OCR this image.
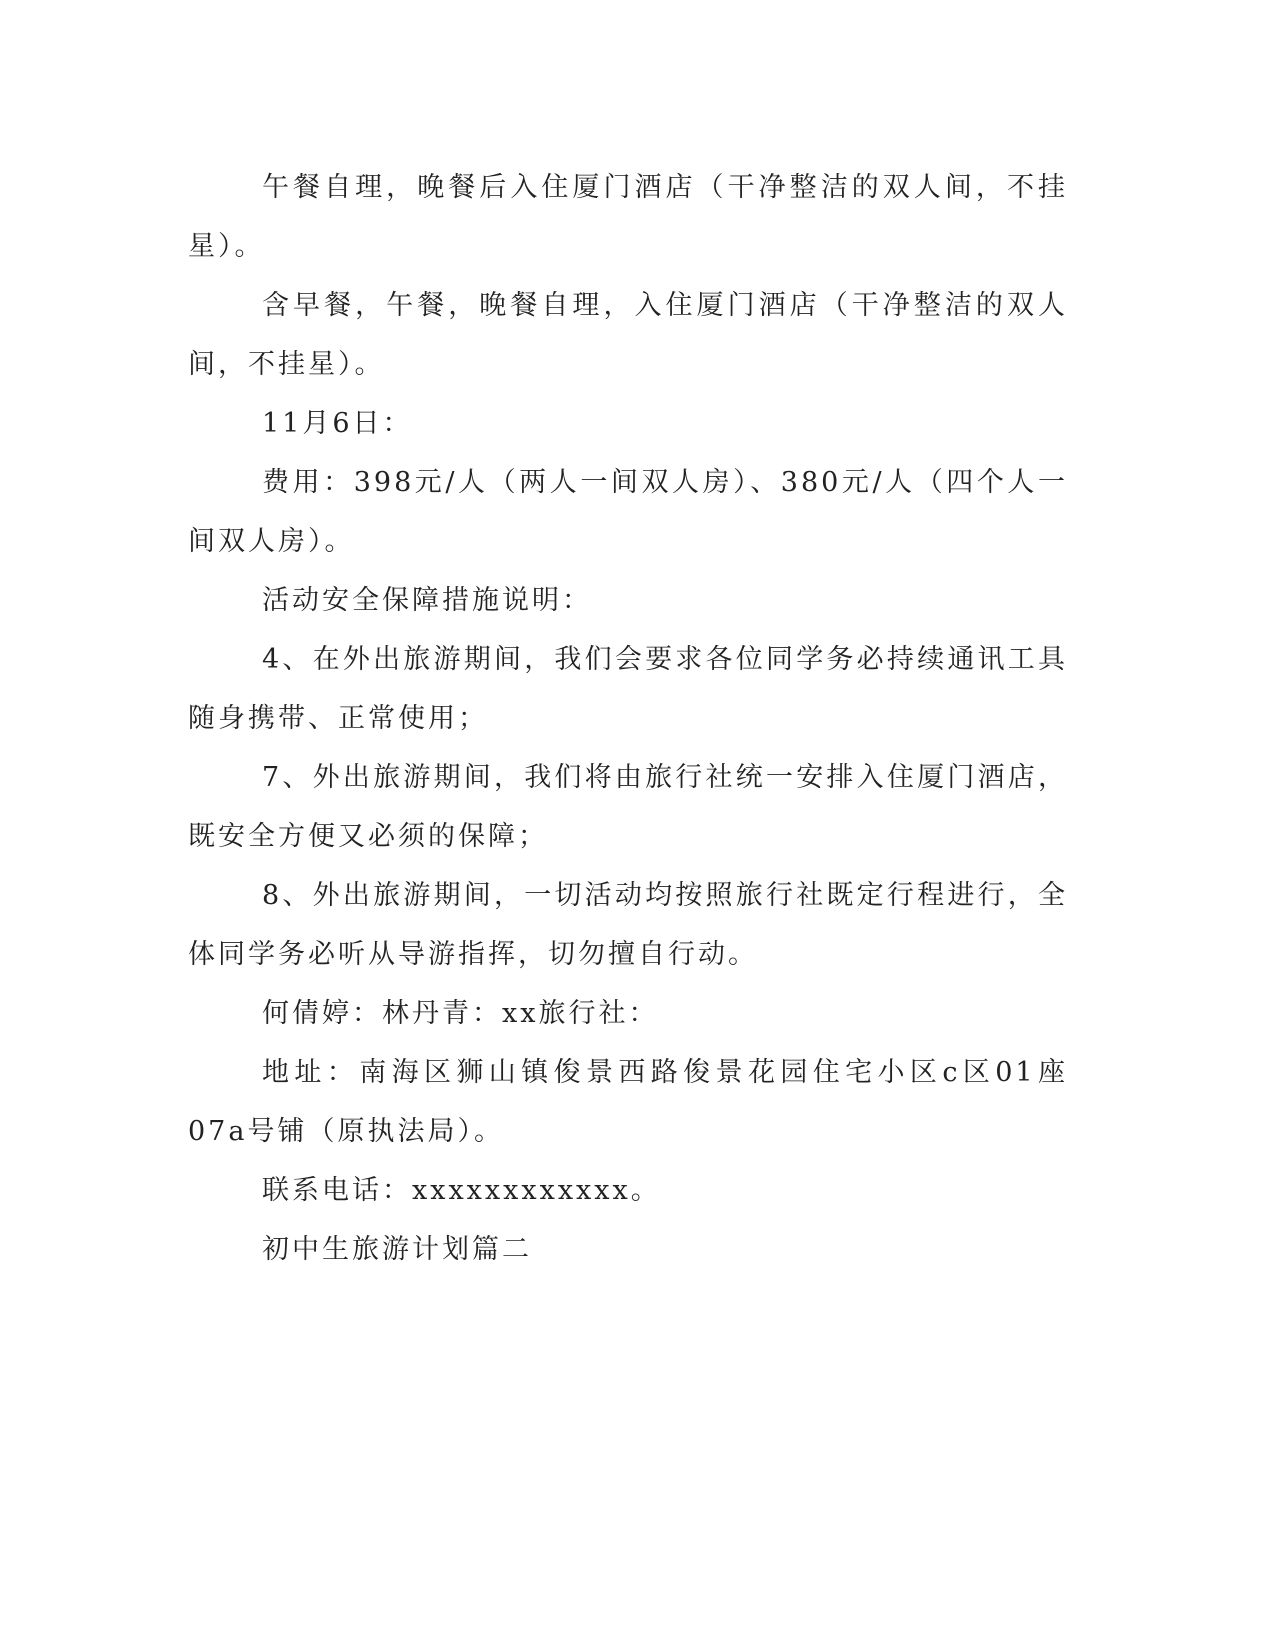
午餐自理，晚餐后入住厦门酒店（干净整洁的双人间，不挂星）。

含早餐，午餐，晚餐自理，入住厦门酒店（干净整洁的双人间，不挂星）。

11月6日：

费用：398元/人（两人一间双人房）、380元/人（四个人一间双人房）。

活动安全保障措施说明：

4、在外出旅游期间，我们会要求各位同学务必持续通讯工具随身携带、正常使用；

7、外出旅游期间，我们将由旅行社统一安排入住厦门酒店，既安全方便又必须的保障；

8、外出旅游期间，一切活动均按照旅行社既定行程进行，全体同学务必听从导游指挥，切勿擅自行动。

何倩婷：林丹青：xx旅行社：

地址：南海区狮山镇俊景西路俊景花园住宅小区c区01座07a号铺（原执法局）。

联系电话：xxxxxxxxxxxx。

初中生旅游计划篇二
